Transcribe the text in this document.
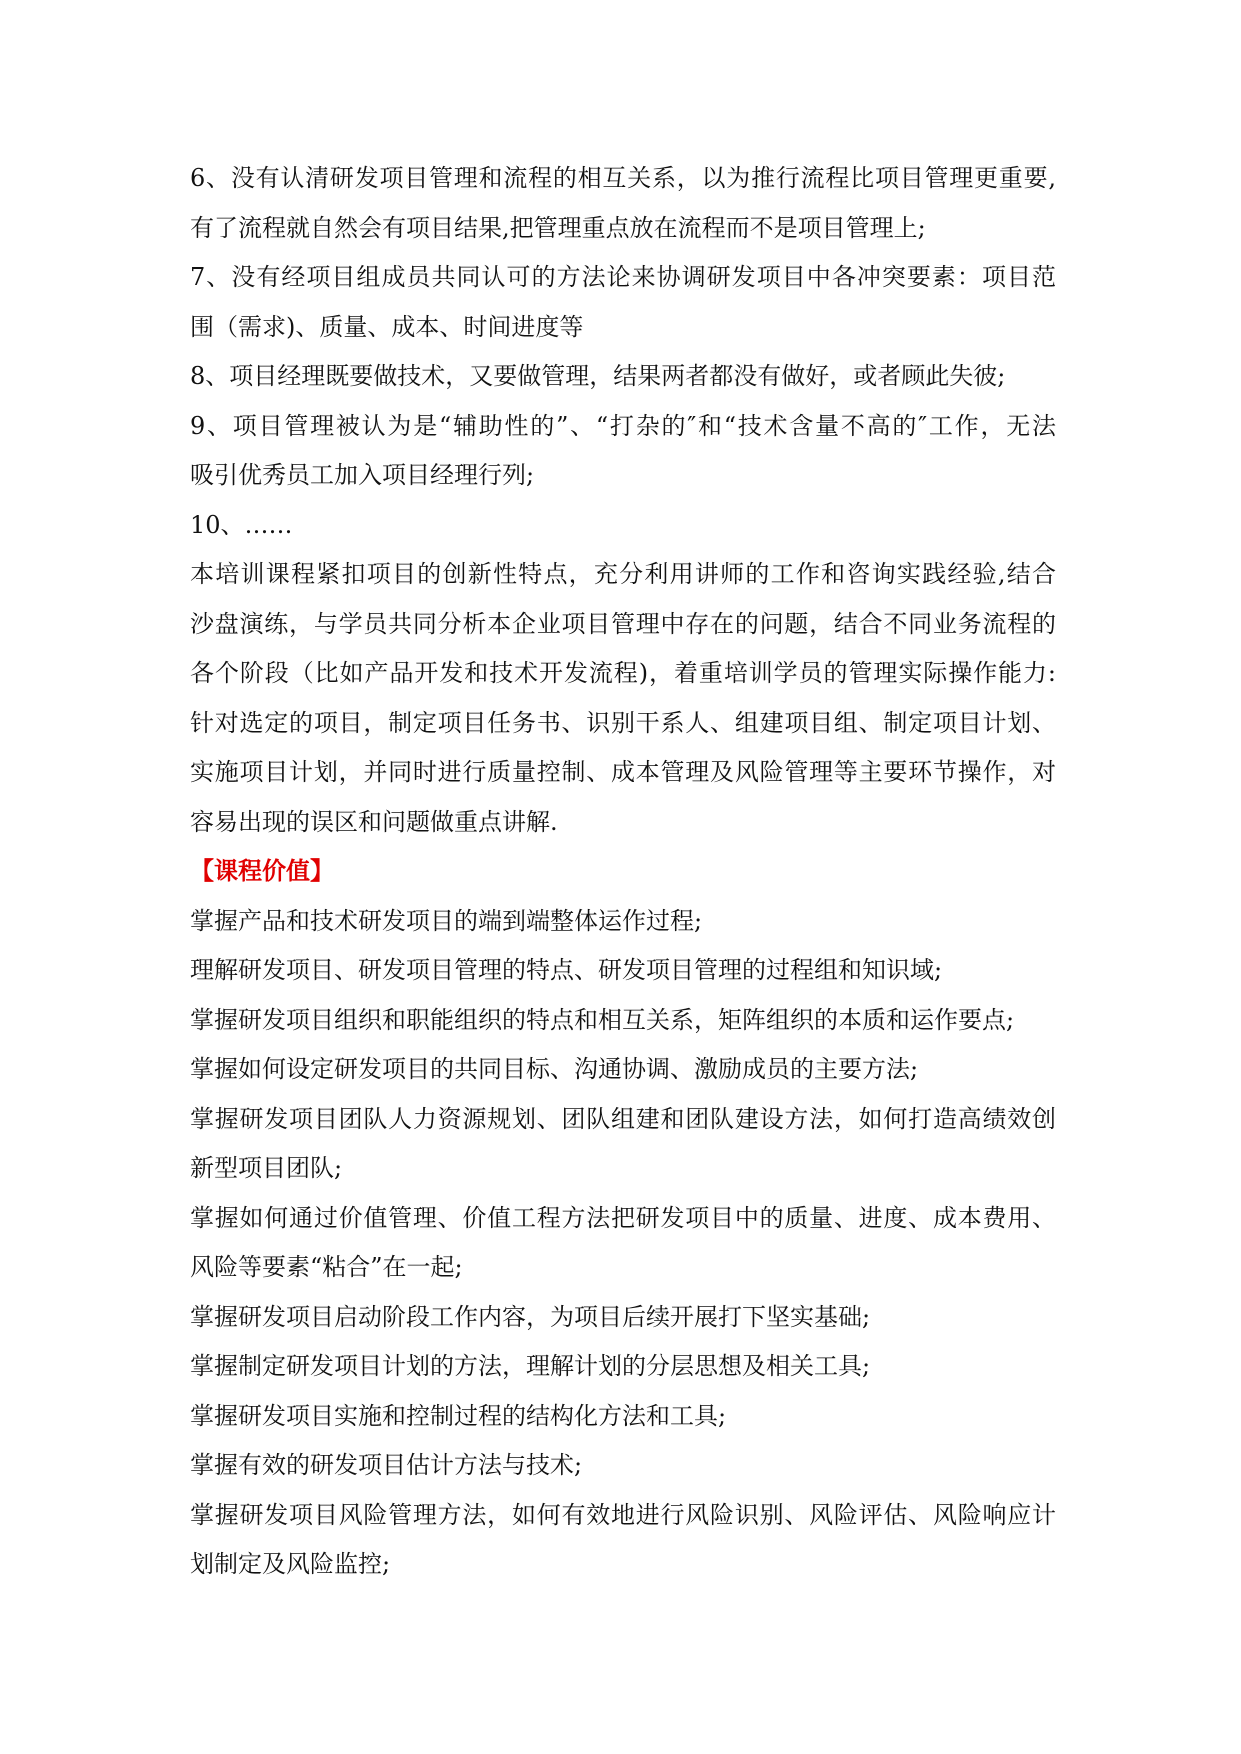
6、没有认清研发项目管理和流程的相互关系，以为推行流程比项目管理更重要,
有了流程就自然会有项目结果,把管理重点放在流程而不是项目管理上;
7、没有经项目组成员共同认可的方法论来协调研发项目中各冲突要素：项目范
围（需求)、质量、成本、时间进度等
8、项目经理既要做技术，又要做管理，结果两者都没有做好，或者顾此失彼;
9、项目管理被认为是“辅助性的”、“打杂的″和“技术含量不高的″工作，无法
吸引优秀员工加入项目经理行列;
10、……
本培训课程紧扣项目的创新性特点，充分利用讲师的工作和咨询实践经验,结合
沙盘演练，与学员共同分析本企业项目管理中存在的问题，结合不同业务流程的
各个阶段（比如产品开发和技术开发流程)，着重培训学员的管理实际操作能力:
针对选定的项目，制定项目任务书、识别干系人、组建项目组、制定项目计划、
实施项目计划，并同时进行质量控制、成本管理及风险管理等主要环节操作，对
容易出现的误区和问题做重点讲解.
【课程价值】
掌握产品和技术研发项目的端到端整体运作过程;
理解研发项目、研发项目管理的特点、研发项目管理的过程组和知识域;
掌握研发项目组织和职能组织的特点和相互关系，矩阵组织的本质和运作要点;
掌握如何设定研发项目的共同目标、沟通协调、激励成员的主要方法;
掌握研发项目团队人力资源规划、团队组建和团队建设方法，如何打造高绩效创
新型项目团队;
掌握如何通过价值管理、价值工程方法把研发项目中的质量、进度、成本费用、
风险等要素“粘合”在一起;
掌握研发项目启动阶段工作内容，为项目后续开展打下坚实基础;
掌握制定研发项目计划的方法，理解计划的分层思想及相关工具;
掌握研发项目实施和控制过程的结构化方法和工具;
掌握有效的研发项目估计方法与技术;
掌握研发项目风险管理方法，如何有效地进行风险识别、风险评估、风险响应计
划制定及风险监控;
